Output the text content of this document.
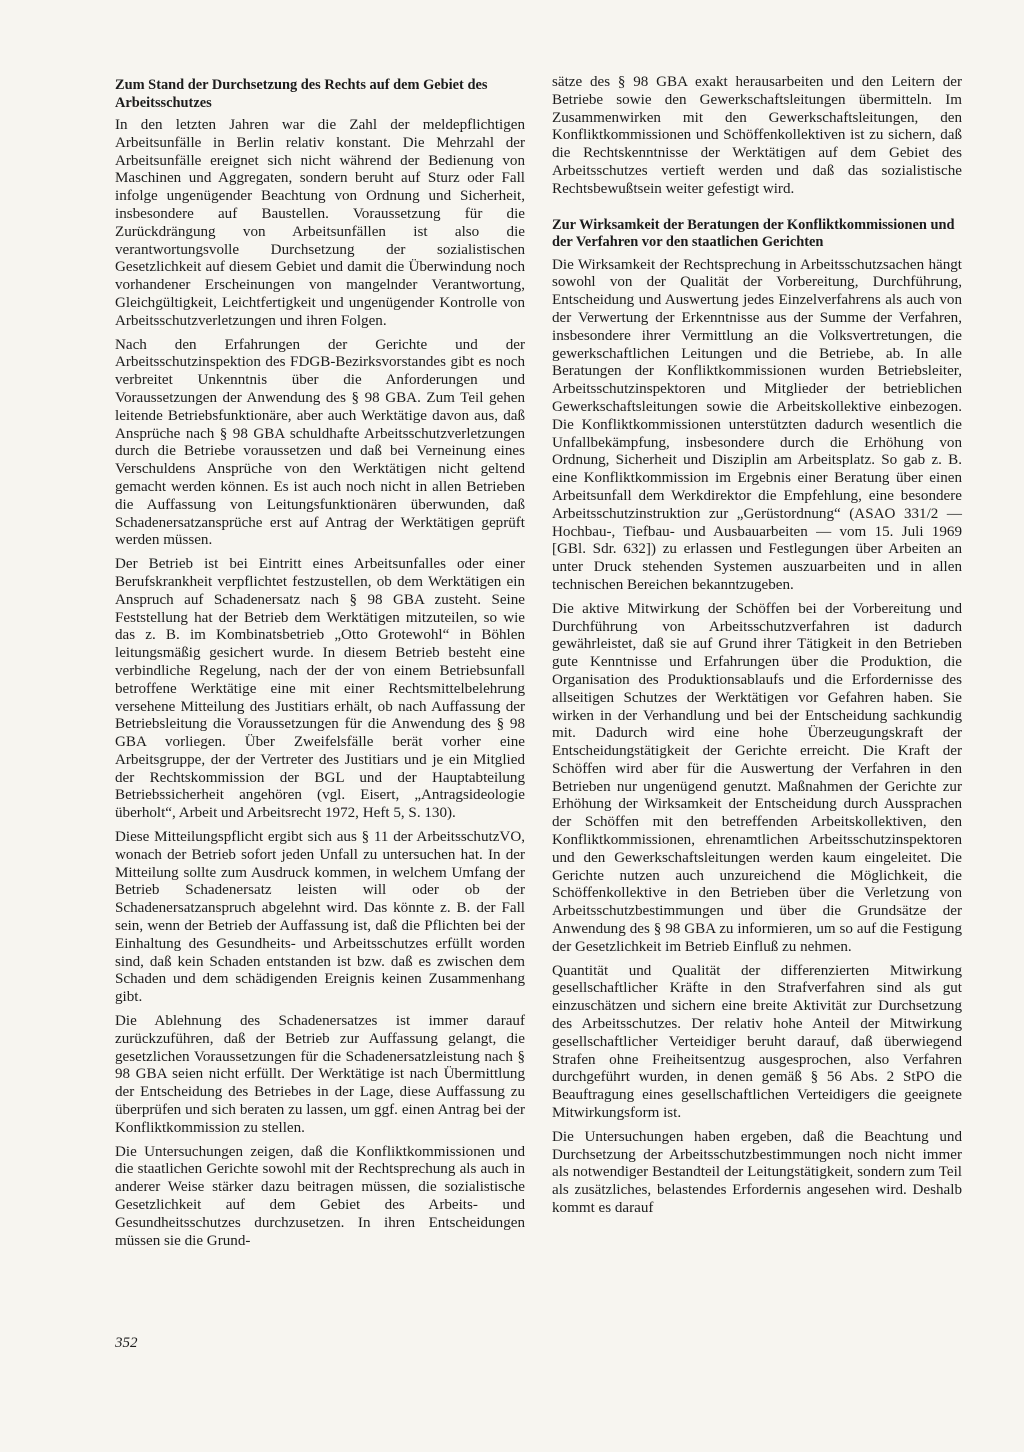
Zum Stand der Durchsetzung des Rechts auf dem Gebiet des Arbeitsschutzes

In den letzten Jahren war die Zahl der meldepflichtigen Arbeitsunfälle in Berlin relativ konstant. Die Mehrzahl der Arbeitsunfälle ereignet sich nicht während der Bedienung von Maschinen und Aggregaten, sondern beruht auf Sturz oder Fall infolge ungenügender Beachtung von Ordnung und Sicherheit, insbesondere auf Baustellen. Voraussetzung für die Zurückdrängung von Arbeitsunfällen ist also die verantwortungsvolle Durchsetzung der sozialistischen Gesetzlichkeit auf diesem Gebiet und damit die Überwindung noch vorhandener Erscheinungen von mangelnder Verantwortung, Gleichgültigkeit, Leichtfertigkeit und ungenügender Kontrolle von Arbeitsschutzverletzungen und ihren Folgen.

Nach den Erfahrungen der Gerichte und der Arbeitsschutzinspektion des FDGB-Bezirksvorstandes gibt es noch verbreitet Unkenntnis über die Anforderungen und Voraussetzungen der Anwendung des § 98 GBA. Zum Teil gehen leitende Betriebsfunktionäre, aber auch Werktätige davon aus, daß Ansprüche nach § 98 GBA schuldhafte Arbeitsschutzverletzungen durch die Betriebe voraussetzen und daß bei Verneinung eines Verschuldens Ansprüche von den Werktätigen nicht geltend gemacht werden können. Es ist auch noch nicht in allen Betrieben die Auffassung von Leitungsfunktionären überwunden, daß Schadenersatzansprüche erst auf Antrag der Werktätigen geprüft werden müssen.

Der Betrieb ist bei Eintritt eines Arbeitsunfalles oder einer Berufskrankheit verpflichtet festzustellen, ob dem Werktätigen ein Anspruch auf Schadenersatz nach § 98 GBA zusteht. Seine Feststellung hat der Betrieb dem Werktätigen mitzuteilen, so wie das z. B. im Kombinatsbetrieb „Otto Grotewohl“ in Böhlen leitungsmäßig gesichert wurde. In diesem Betrieb besteht eine verbindliche Regelung, nach der der von einem Betriebsunfall betroffene Werktätige eine mit einer Rechtsmittelbelehrung versehene Mitteilung des Justitiars erhält, ob nach Auffassung der Betriebsleitung die Voraussetzungen für die Anwendung des § 98 GBA vorliegen. Über Zweifelsfälle berät vorher eine Arbeitsgruppe, der der Vertreter des Justitiars und je ein Mitglied der Rechtskommission der BGL und der Hauptabteilung Betriebssicherheit angehören (vgl. Eisert, „Antragsideologie überholt“, Arbeit und Arbeitsrecht 1972, Heft 5, S. 130).

Diese Mitteilungspflicht ergibt sich aus § 11 der ArbeitsschutzVO, wonach der Betrieb sofort jeden Unfall zu untersuchen hat. In der Mitteilung sollte zum Ausdruck kommen, in welchem Umfang der Betrieb Schadenersatz leisten will oder ob der Schadenersatzanspruch abgelehnt wird. Das könnte z. B. der Fall sein, wenn der Betrieb der Auffassung ist, daß die Pflichten bei der Einhaltung des Gesundheits- und Arbeitsschutzes erfüllt worden sind, daß kein Schaden entstanden ist bzw. daß es zwischen dem Schaden und dem schädigenden Ereignis keinen Zusammenhang gibt.

Die Ablehnung des Schadenersatzes ist immer darauf zurückzuführen, daß der Betrieb zur Auffassung gelangt, die gesetzlichen Voraussetzungen für die Schadenersatzleistung nach § 98 GBA seien nicht erfüllt. Der Werktätige ist nach Übermittlung der Entscheidung des Betriebes in der Lage, diese Auffassung zu überprüfen und sich beraten zu lassen, um ggf. einen Antrag bei der Konfliktkommission zu stellen.

Die Untersuchungen zeigen, daß die Konfliktkommissionen und die staatlichen Gerichte sowohl mit der Rechtsprechung als auch in anderer Weise stärker dazu beitragen müssen, die sozialistische Gesetzlichkeit auf dem Gebiet des Arbeits- und Gesundheitsschutzes durchzusetzen. In ihren Entscheidungen müssen sie die Grund-

sätze des § 98 GBA exakt herausarbeiten und den Leitern der Betriebe sowie den Gewerkschaftsleitungen übermitteln. Im Zusammenwirken mit den Gewerkschaftsleitungen, den Konfliktkommissionen und Schöffenkollektiven ist zu sichern, daß die Rechtskenntnisse der Werktätigen auf dem Gebiet des Arbeitsschutzes vertieft werden und daß das sozialistische Rechtsbewußtsein weiter gefestigt wird.

Zur Wirksamkeit der Beratungen der Konfliktkommissionen und der Verfahren vor den staatlichen Gerichten

Die Wirksamkeit der Rechtsprechung in Arbeitsschutzsachen hängt sowohl von der Qualität der Vorbereitung, Durchführung, Entscheidung und Auswertung jedes Einzelverfahrens als auch von der Verwertung der Erkenntnisse aus der Summe der Verfahren, insbesondere ihrer Vermittlung an die Volksvertretungen, die gewerkschaftlichen Leitungen und die Betriebe, ab. In alle Beratungen der Konfliktkommissionen wurden Betriebsleiter, Arbeitsschutzinspektoren und Mitglieder der betrieblichen Gewerkschaftsleitungen sowie die Arbeitskollektive einbezogen. Die Konfliktkommissionen unterstützten dadurch wesentlich die Unfallbekämpfung, insbesondere durch die Erhöhung von Ordnung, Sicherheit und Disziplin am Arbeitsplatz. So gab z. B. eine Konfliktkommission im Ergebnis einer Beratung über einen Arbeitsunfall dem Werkdirektor die Empfehlung, eine besondere Arbeitsschutzinstruktion zur „Gerüstordnung“ (ASAO 331/2 — Hochbau-, Tiefbau- und Ausbauarbeiten — vom 15. Juli 1969 [GBl. Sdr. 632]) zu erlassen und Festlegungen über Arbeiten an unter Druck stehenden Systemen auszuarbeiten und in allen technischen Bereichen bekanntzugeben.

Die aktive Mitwirkung der Schöffen bei der Vorbereitung und Durchführung von Arbeitsschutzverfahren ist dadurch gewährleistet, daß sie auf Grund ihrer Tätigkeit in den Betrieben gute Kenntnisse und Erfahrungen über die Produktion, die Organisation des Produktionsablaufs und die Erfordernisse des allseitigen Schutzes der Werktätigen vor Gefahren haben. Sie wirken in der Verhandlung und bei der Entscheidung sachkundig mit. Dadurch wird eine hohe Überzeugungskraft der Entscheidungstätigkeit der Gerichte erreicht. Die Kraft der Schöffen wird aber für die Auswertung der Verfahren in den Betrieben nur ungenügend genutzt. Maßnahmen der Gerichte zur Erhöhung der Wirksamkeit der Entscheidung durch Aussprachen der Schöffen mit den betreffenden Arbeitskollektiven, den Konfliktkommissionen, ehrenamtlichen Arbeitsschutzinspektoren und den Gewerkschaftsleitungen werden kaum eingeleitet. Die Gerichte nutzen auch unzureichend die Möglichkeit, die Schöffenkollektive in den Betrieben über die Verletzung von Arbeitsschutzbestimmungen und über die Grundsätze der Anwendung des § 98 GBA zu informieren, um so auf die Festigung der Gesetzlichkeit im Betrieb Einfluß zu nehmen.

Quantität und Qualität der differenzierten Mitwirkung gesellschaftlicher Kräfte in den Strafverfahren sind als gut einzuschätzen und sichern eine breite Aktivität zur Durchsetzung des Arbeitsschutzes. Der relativ hohe Anteil der Mitwirkung gesellschaftlicher Verteidiger beruht darauf, daß überwiegend Strafen ohne Freiheitsentzug ausgesprochen, also Verfahren durchgeführt wurden, in denen gemäß § 56 Abs. 2 StPO die Beauftragung eines gesellschaftlichen Verteidigers die geeignete Mitwirkungsform ist.

Die Untersuchungen haben ergeben, daß die Beachtung und Durchsetzung der Arbeitsschutzbestimmungen noch nicht immer als notwendiger Bestandteil der Leitungstätigkeit, sondern zum Teil als zusätzliches, belastendes Erfordernis angesehen wird. Deshalb kommt es darauf

352
